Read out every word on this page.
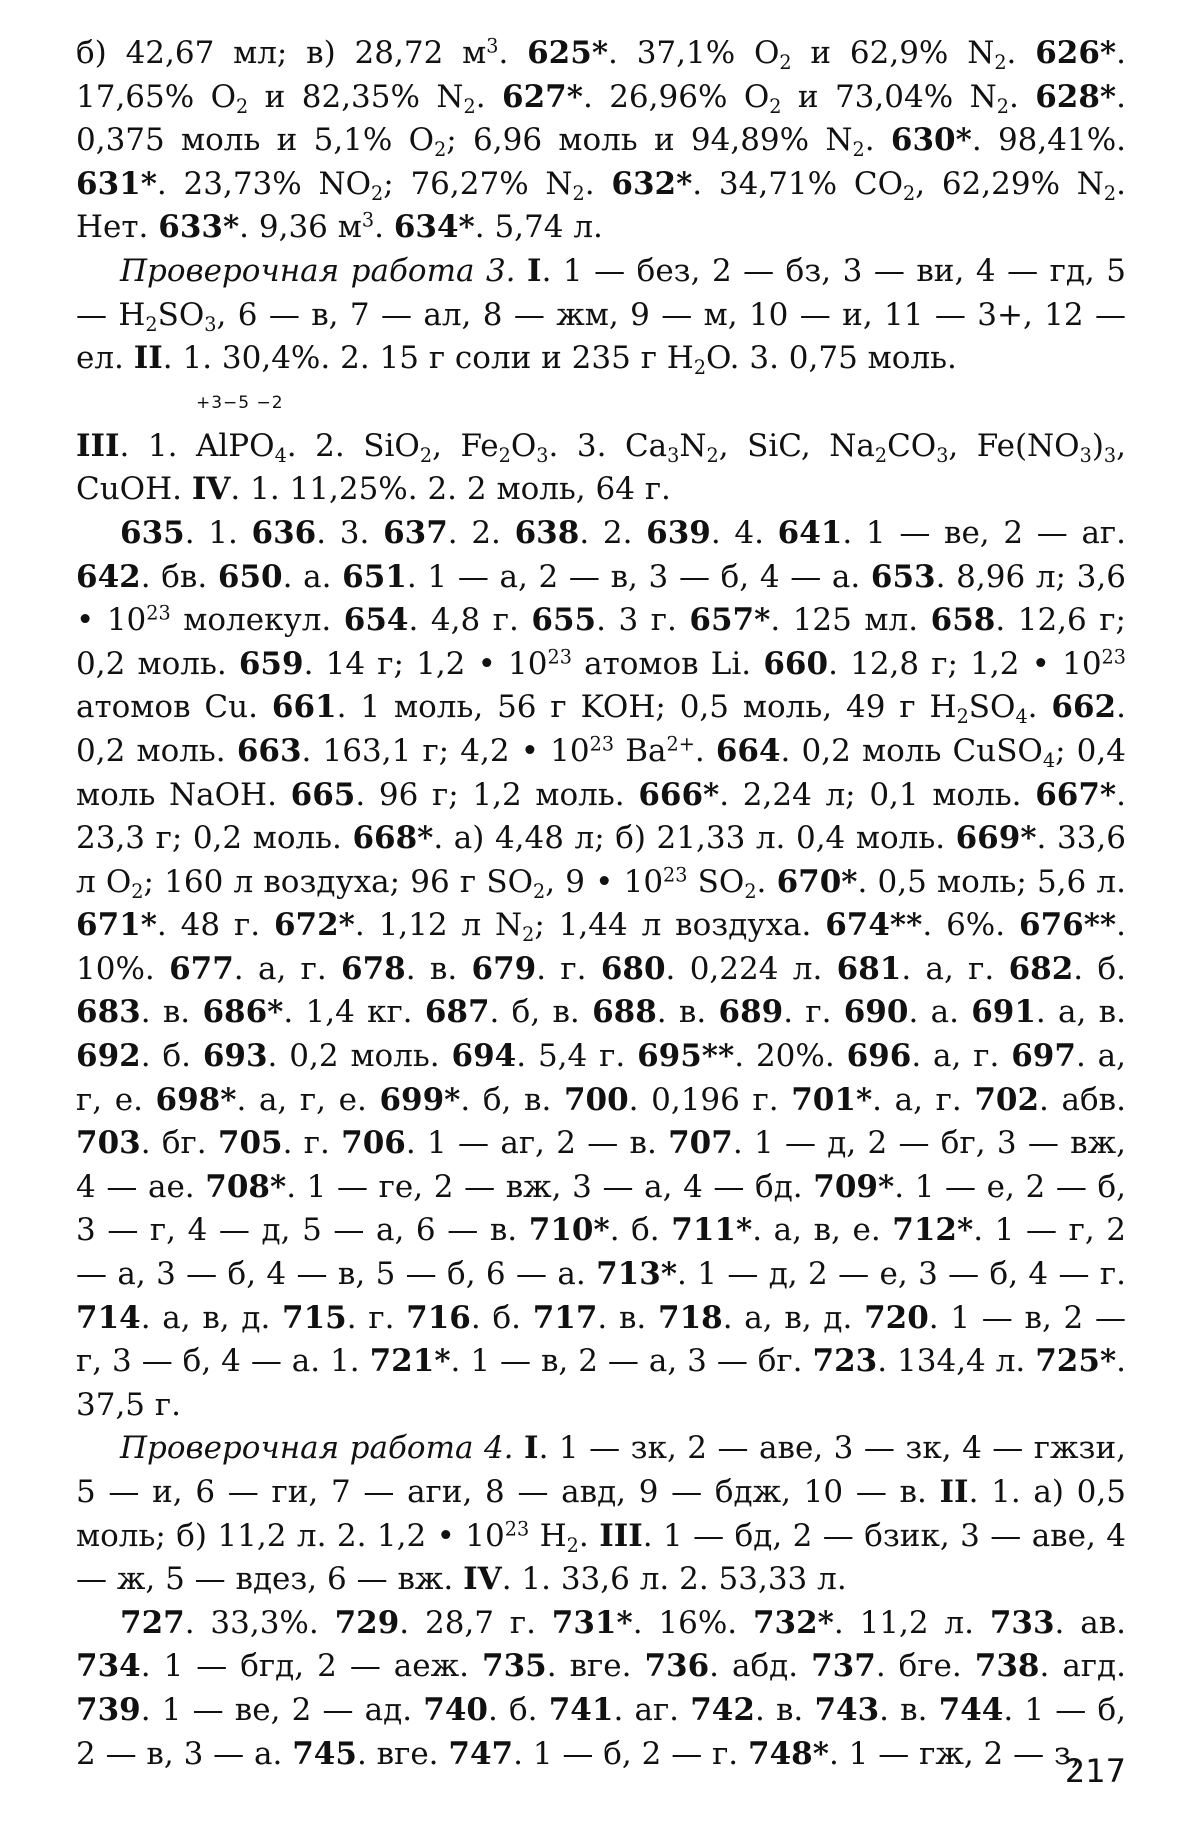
б) 42,67 мл; в) 28,72 $м^3$. 625*. 37,1% $O_2$ и 62,9% $N_2$. 626*. 17,65% $O_2$ и 82,35% $N_2$. 627*. 26,96% $O_2$ и 73,04% $N_2$. 628*. 0,375 моль и 5,1% $O_2$; 6,96 моль и 94,89% $N_2$. 630*. 98,41%. 631*. 23,73% $NO_2$; 76,27% $N_2$. 632*. 34,71% $CO_2$, 62,29% $N_2$. Нет. 633*. 9,36 $м^3$. 634*. 5,74 л.

Проверочная работа 3. I. 1 — без, 2 — бз, 3 — ви, 4 — гд, 5 — $H_2SO_3$, 6 — в, 7 — ал, 8 — жм, 9 — м, 10 — и, 11 — 3+, 12 — ел. II. 1. 30,4%. 2. 15 г соли и 235 г $H_2O$. 3. 0,75 моль.

III. 1.
+3−5 −2
AlPO$_4$. 2. SiO$_2$, $Fe_2O_3$. 3. $Ca_3N_2$, SiC, $Na_2CO_3$, $Fe(NO_3)_3$, CuOH. IV. 1. 11,25%. 2. 2 моль, 64 г.

635. 1. 636. 3. 637. 2. 638. 2. 639. 4. 641. 1 — ве, 2 — аг. 642. бв. 650. а. 651. 1 — а, 2 — в, 3 — б, 4 — а. 653. 8,96 л; 3,6 • $10^{23}$ молекул. 654. 4,8 г. 655. 3 г. 657*. 125 мл. 658. 12,6 г; 0,2 моль. 659. 14 г; 1,2 • $10^{23}$ атомов Li. 660. 12,8 г; 1,2 • $10^{23}$ атомов Cu. 661. 1 моль, 56 г KOH; 0,5 моль, 49 г $H_2SO_4$. 662. 0,2 моль. 663. 163,1 г; 4,2 • $10^{23}$ $Ba^{2+}$. 664. 0,2 моль CuSO$_4$; 0,4 моль NaOH. 665. 96 г; 1,2 моль. 666*. 2,24 л; 0,1 моль. 667*. 23,3 г; 0,2 моль. 668*. а) 4,48 л; б) 21,33 л. 0,4 моль. 669*. 33,6 л $O_2$; 160 л воздуха; 96 г $SO_2$, 9 • $10^{23}$ $SO_2$. 670*. 0,5 моль; 5,6 л. 671*. 48 г. 672*. 1,12 л $N_2$; 1,44 л воздуха. 674**. 6%. 676**. 10%. 677. а, г. 678. в. 679. г. 680. 0,224 л. 681. а, г. 682. б. 683. в. 686*. 1,4 кг. 687. б, в. 688. в. 689. г. 690. а. 691. а, в. 692. б. 693. 0,2 моль. 694. 5,4 г. 695**. 20%. 696. а, г. 697. а, г, е. 698*. а, г, е. 699*. б, в. 700. 0,196 г. 701*. а, г. 702. абв. 703. бг. 705. г. 706. 1 — аг, 2 — в. 707. 1 — д, 2 — бг, 3 — вж, 4 — ае. 708*. 1 — ге, 2 — вж, 3 — а, 4 — бд. 709*. 1 — е, 2 — б, 3 — г, 4 — д, 5 — а, 6 — в. 710*. б. 711*. а, в, е. 712*. 1 — г, 2 — а, 3 — б, 4 — в, 5 — б, 6 — а. 713*. 1 — д, 2 — е, 3 — б, 4 — г. 714. а, в, д. 715. г. 716. б. 717. в. 718. а, в, д. 720. 1 — в, 2 — г, 3 — б, 4 — а. 1. 721*. 1 — в, 2 — а, 3 — бг. 723. 134,4 л. 725*. 37,5 г.

Проверочная работа 4. I. 1 — зк, 2 — аве, 3 — зк, 4 — гжзи, 5 — и, 6 — ги, 7 — аги, 8 — авд, 9 — бдж, 10 — в. II. 1. а) 0,5 моль; б) 11,2 л. 2. 1,2 • $10^{23}$ $H_2$. III. 1 — бд, 2 — бзик, 3 — аве, 4 — ж, 5 — вдез, 6 — вж. IV. 1. 33,6 л. 2. 53,33 л.

727. 33,3%. 729. 28,7 г. 731*. 16%. 732*. 11,2 л. 733. ав. 734. 1 — бгд, 2 — аеж. 735. вге. 736. абд. 737. бге. 738. агд. 739. 1 — ве, 2 — ад. 740. б. 741. аг. 742. в. 743. в. 744. 1 — б, 2 — в, 3 — а. 745. вге. 747. 1 — б, 2 — г. 748*. 1 — гж, 2 — з,

217
